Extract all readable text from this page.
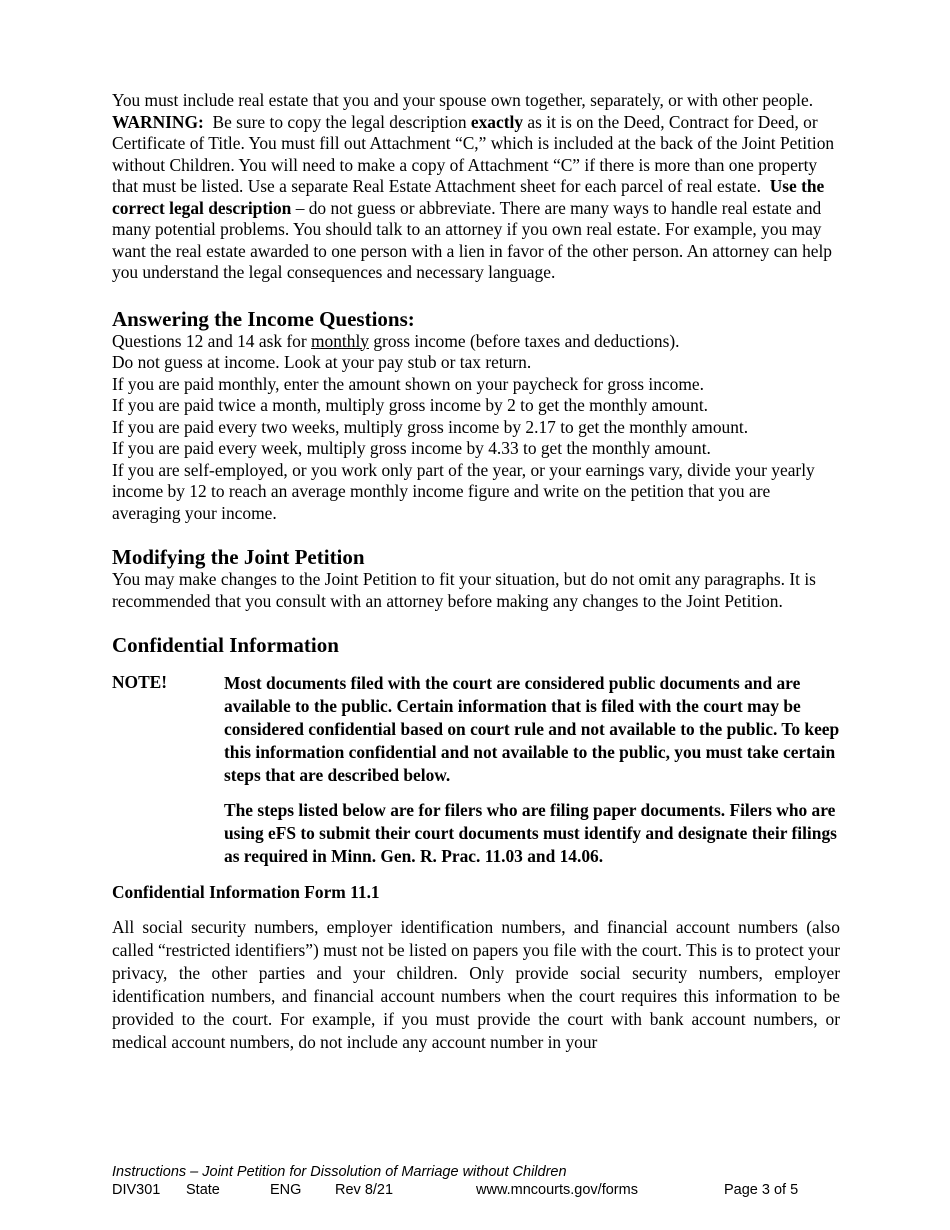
You must include real estate that you and your spouse own together, separately, or with other people.  WARNING: Be sure to copy the legal description exactly as it is on the Deed, Contract for Deed, or Certificate of Title. You must fill out Attachment “C,” which is included at the back of the Joint Petition without Children. You will need to make a copy of Attachment “C” if there is more than one property that must be listed. Use a separate Real Estate Attachment sheet for each parcel of real estate. Use the correct legal description – do not guess or abbreviate. There are many ways to handle real estate and many potential problems. You should talk to an attorney if you own real estate. For example, you may want the real estate awarded to one person with a lien in favor of the other person. An attorney can help you understand the legal consequences and necessary language.

Answering the Income Questions:
Questions 12 and 14 ask for monthly gross income (before taxes and deductions).
Do not guess at income. Look at your pay stub or tax return.
If you are paid monthly, enter the amount shown on your paycheck for gross income.
If you are paid twice a month, multiply gross income by 2 to get the monthly amount.
If you are paid every two weeks, multiply gross income by 2.17 to get the monthly amount.
If you are paid every week, multiply gross income by 4.33 to get the monthly amount.
If you are self-employed, or you work only part of the year, or your earnings vary, divide your yearly income by 12 to reach an average monthly income figure and write on the petition that you are averaging your income.
Modifying the Joint Petition

You may make changes to the Joint Petition to fit your situation, but do not omit any paragraphs. It is recommended that you consult with an attorney before making any changes to the Joint Petition.

Confidential Information
NOTE!	Most documents filed with the court are considered public documents and are available to the public. Certain information that is filed with the court may be considered confidential based on court rule and not available to the public. To keep this information confidential and not available to the public, you must take certain steps that are described below.

The steps listed below are for filers who are filing paper documents. Filers who are using eFS to submit their court documents must identify and designate their filings as required in Minn. Gen. R. Prac. 11.03 and 14.06.

Confidential Information Form 11.1

All social security numbers, employer identification numbers, and financial account numbers (also called “restricted identifiers”) must not be listed on papers you file with the court. This is to protect your privacy, the other parties and your children. Only provide social security numbers, employer identification numbers, and financial account numbers when the court requires this information to be provided to the court. For example, if you must provide the court with bank account numbers, or medical account numbers, do not include any account number in your

Instructions – Joint Petition for Dissolution of Marriage without Children
DIV301 State	ENG Rev 8/21	www.mncourts.gov/forms	Page 3 of 5
